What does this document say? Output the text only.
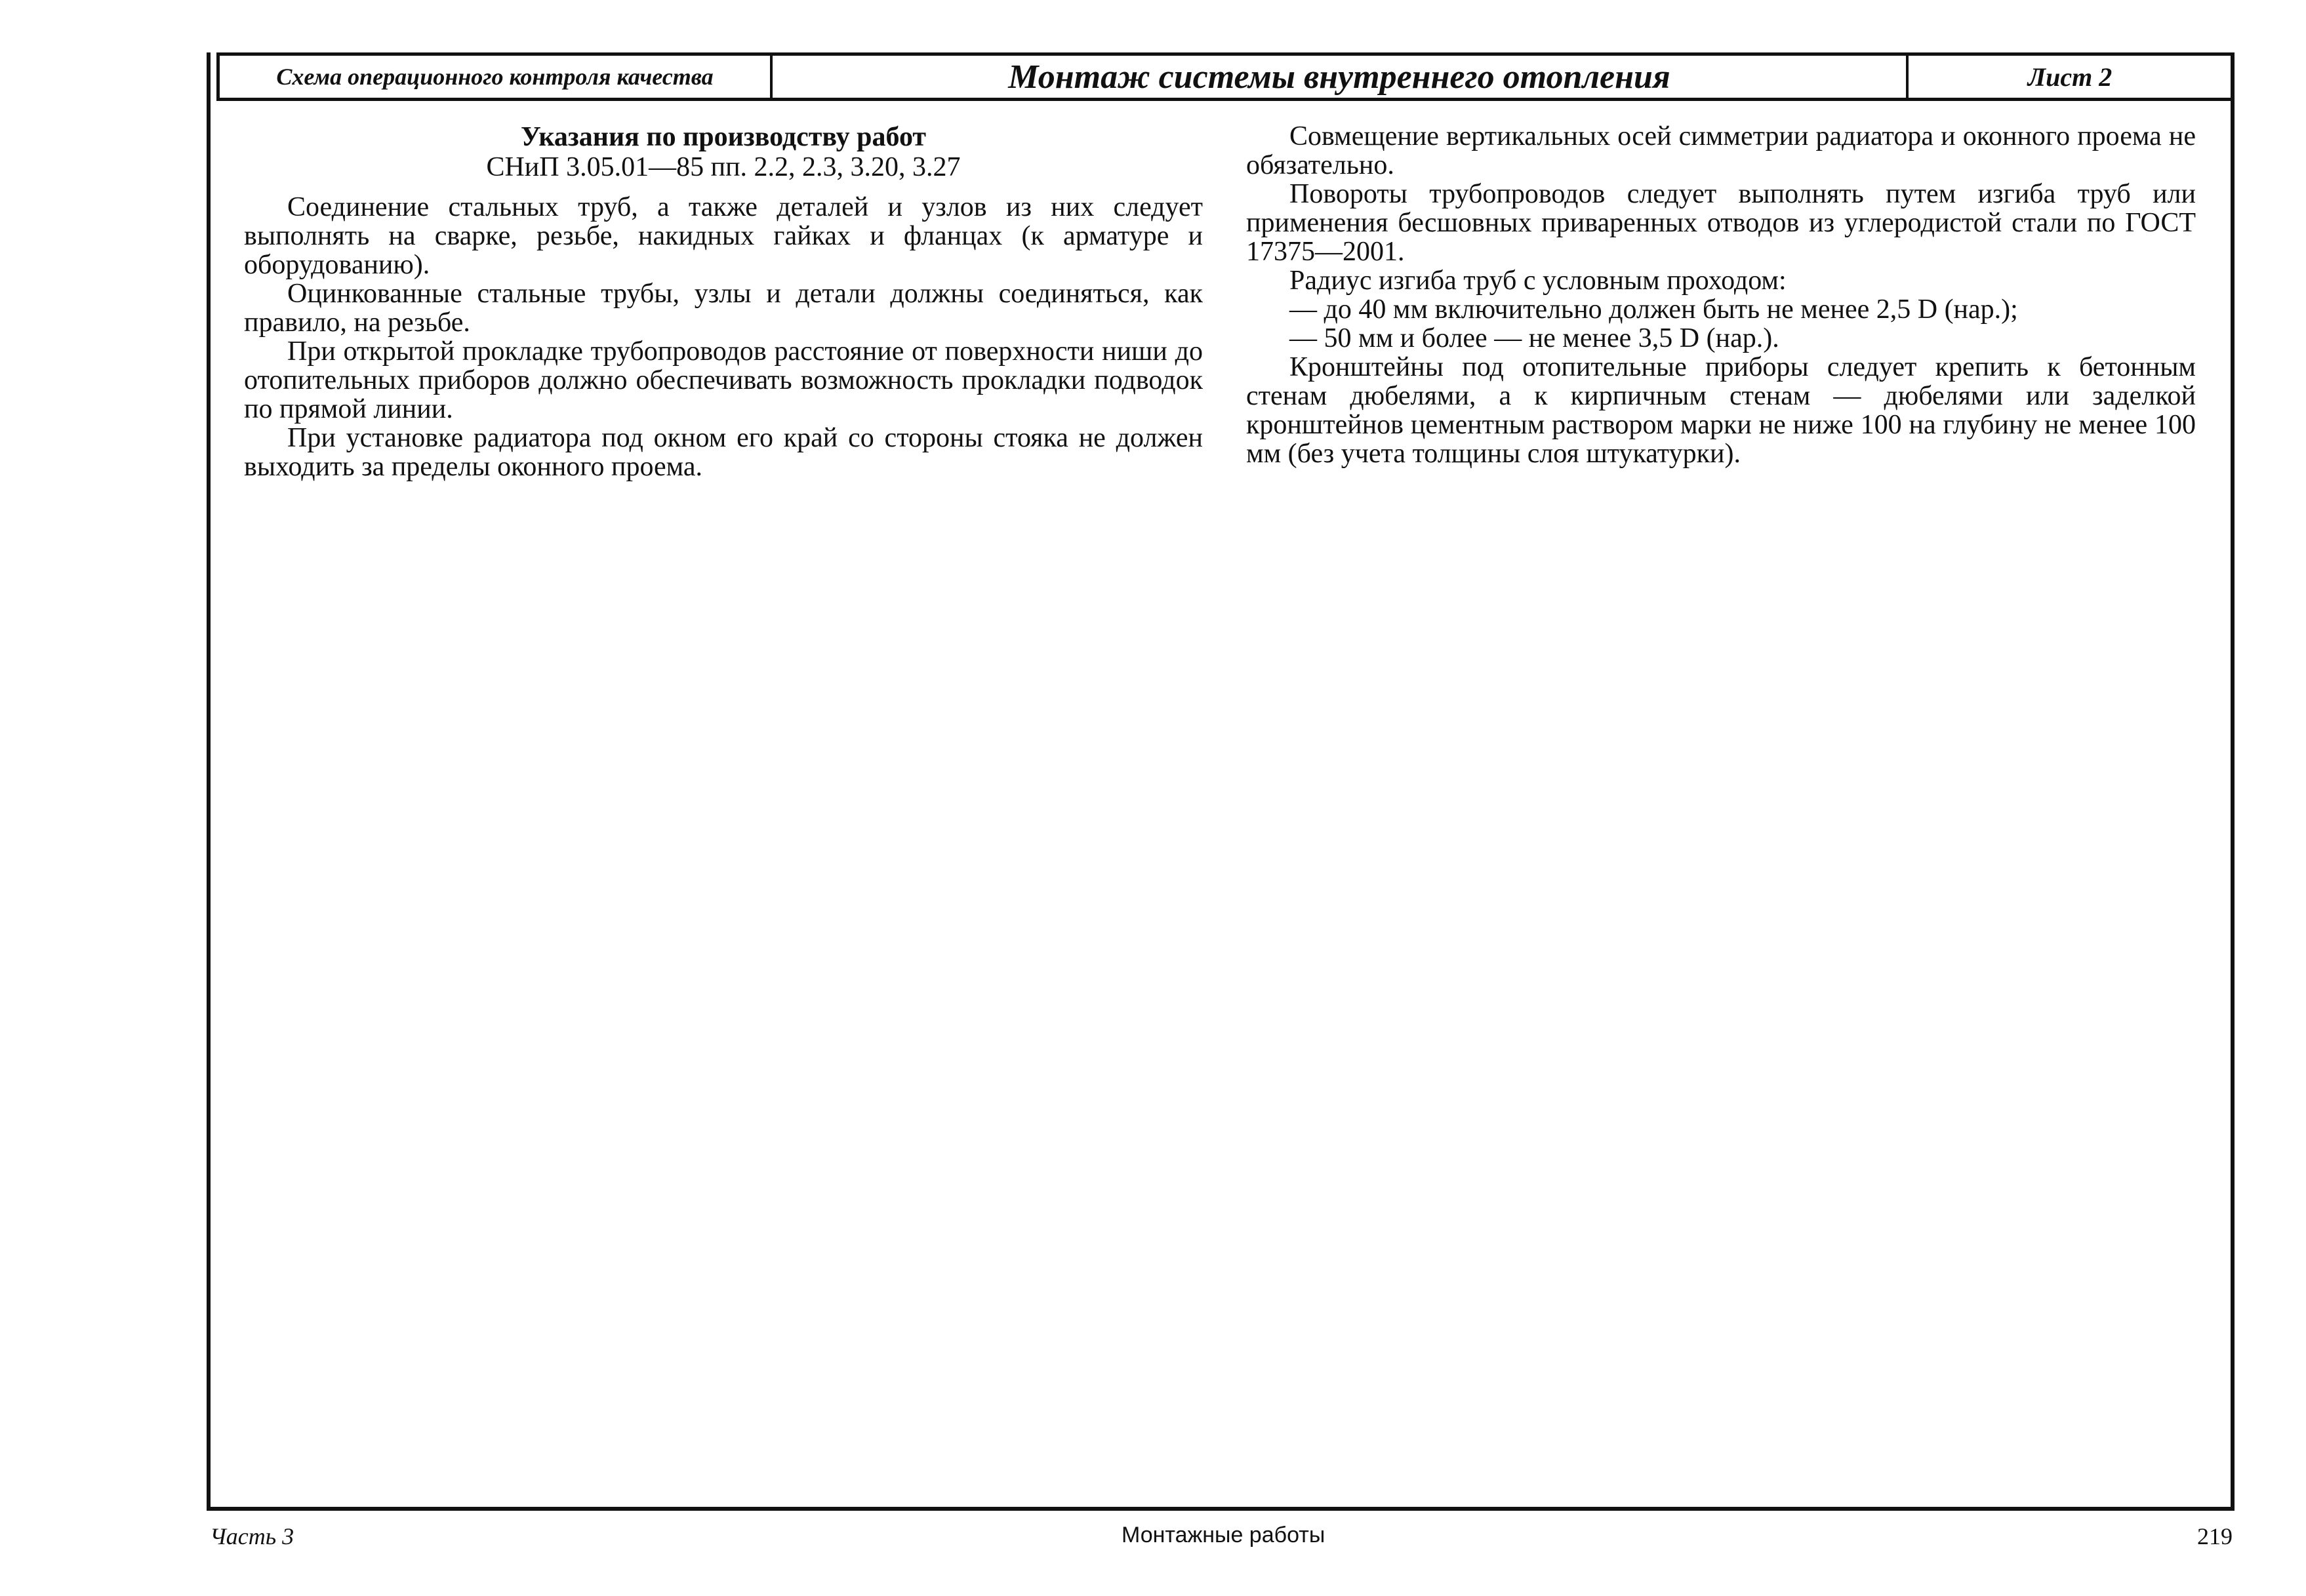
Схема операционного контроля качества	Монтаж системы внутреннего отопления	Лист 2

Указания по производству работ

СНиП 3.05.01—85 пп. 2.2, 2.3, 3.20, 3.27

Соединение стальных труб, а также деталей и узлов из них следует выполнять на сварке, резьбе, накидных гайках и фланцах (к арматуре и оборудованию).

Оцинкованные стальные трубы, узлы и детали должны соединяться, как правило, на резьбе.

При открытой прокладке трубопроводов расстояние от поверхности ниши до отопительных приборов должно обеспечивать возможность прокладки подводок по прямой линии.

При установке радиатора под окном его край со стороны стояка не должен выходить за пределы оконного проема.

Совмещение вертикальных осей симметрии радиатора и оконного проема не обязательно.

Повороты трубопроводов следует выполнять путем изгиба труб или применения бесшовных приваренных отводов из углеродистой стали по ГОСТ 17375—2001.

Радиус изгиба труб с условным проходом:

— до 40 мм включительно должен быть не менее 2,5 D (нар.);

— 50 мм и более — не менее 3,5 D (нар.).

Кронштейны под отопительные приборы следует крепить к бетонным стенам дюбелями, а к кирпичным стенам — дюбелями или заделкой кронштейнов цементным раствором марки не ниже 100 на глубину не менее 100 мм (без учета толщины слоя штукатурки).

Часть 3	Монтажные работы	219
